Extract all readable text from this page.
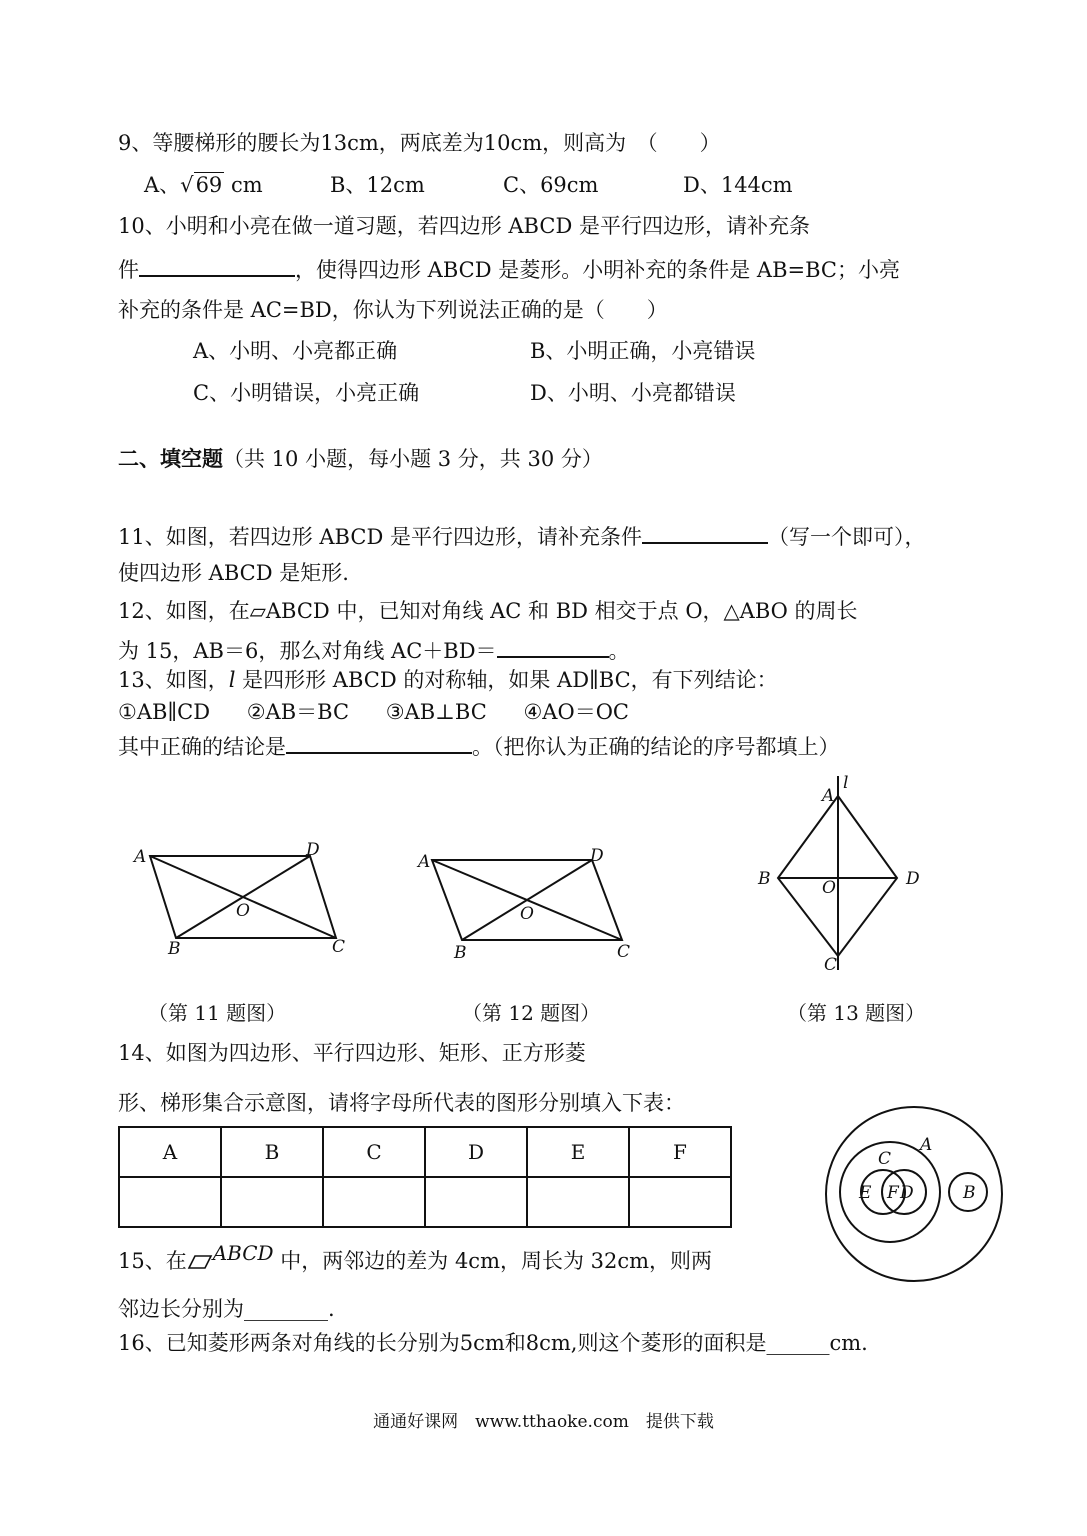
9、等腰梯形的腰长为13cm，两底差为10cm，则高为　（　　）
A、√69 cm	B、12cm	C、69cm	D、144cm
10、小明和小亮在做一道习题，若四边形 ABCD 是平行四边形，请补充条
件	，使得四边形 ABCD 是菱形。小明补充的条件是 AB=BC；小亮
补充的条件是 AC=BD，你认为下列说法正确的是（　　）
A、小明、小亮都正确	B、小明正确，小亮错误
C、小明错误，小亮正确	D、小明、小亮都错误
二、填空题（共 10 小题，每小题 3 分，共 30 分）
11、如图，若四边形 ABCD 是平行四边形，请补充条件	（写一个即可），
使四边形 ABCD 是矩形.
12、如图，在▱ABCD 中，已知对角线 AC 和 BD 相交于点 O，△ABO 的周长
为 15，AB＝6，那么对角线 AC＋BD＝	。
13、如图，l 是四形形 ABCD 的对称轴，如果 AD∥BC，有下列结论：
①AB∥CD ②AB＝BC ③AB⊥BC ④AO＝OC
其中正确的结论是	。（把你认为正确的结论的序号都填上）
A	D
B	C
O
A	D
B	C
O
l
A
B	D
O
C
（第 11 题图）	（第 12 题图）	（第 13 题图）
14、如图为四边形、平行四边形、矩形、正方形菱
形、梯形集合示意图，请将字母所代表的图形分别填入下表：
A	B	C	D	E	F
						A
C
E F D	B
15、在 ABCD 中，两邻边的差为 4cm，周长为 32cm，则两
邻边长分别为________.
16、已知菱形两条对角线的长分别为5cm和8cm,则这个菱形的面积是______cm.
通通好课网　www.tthaoke.com　提供下载
